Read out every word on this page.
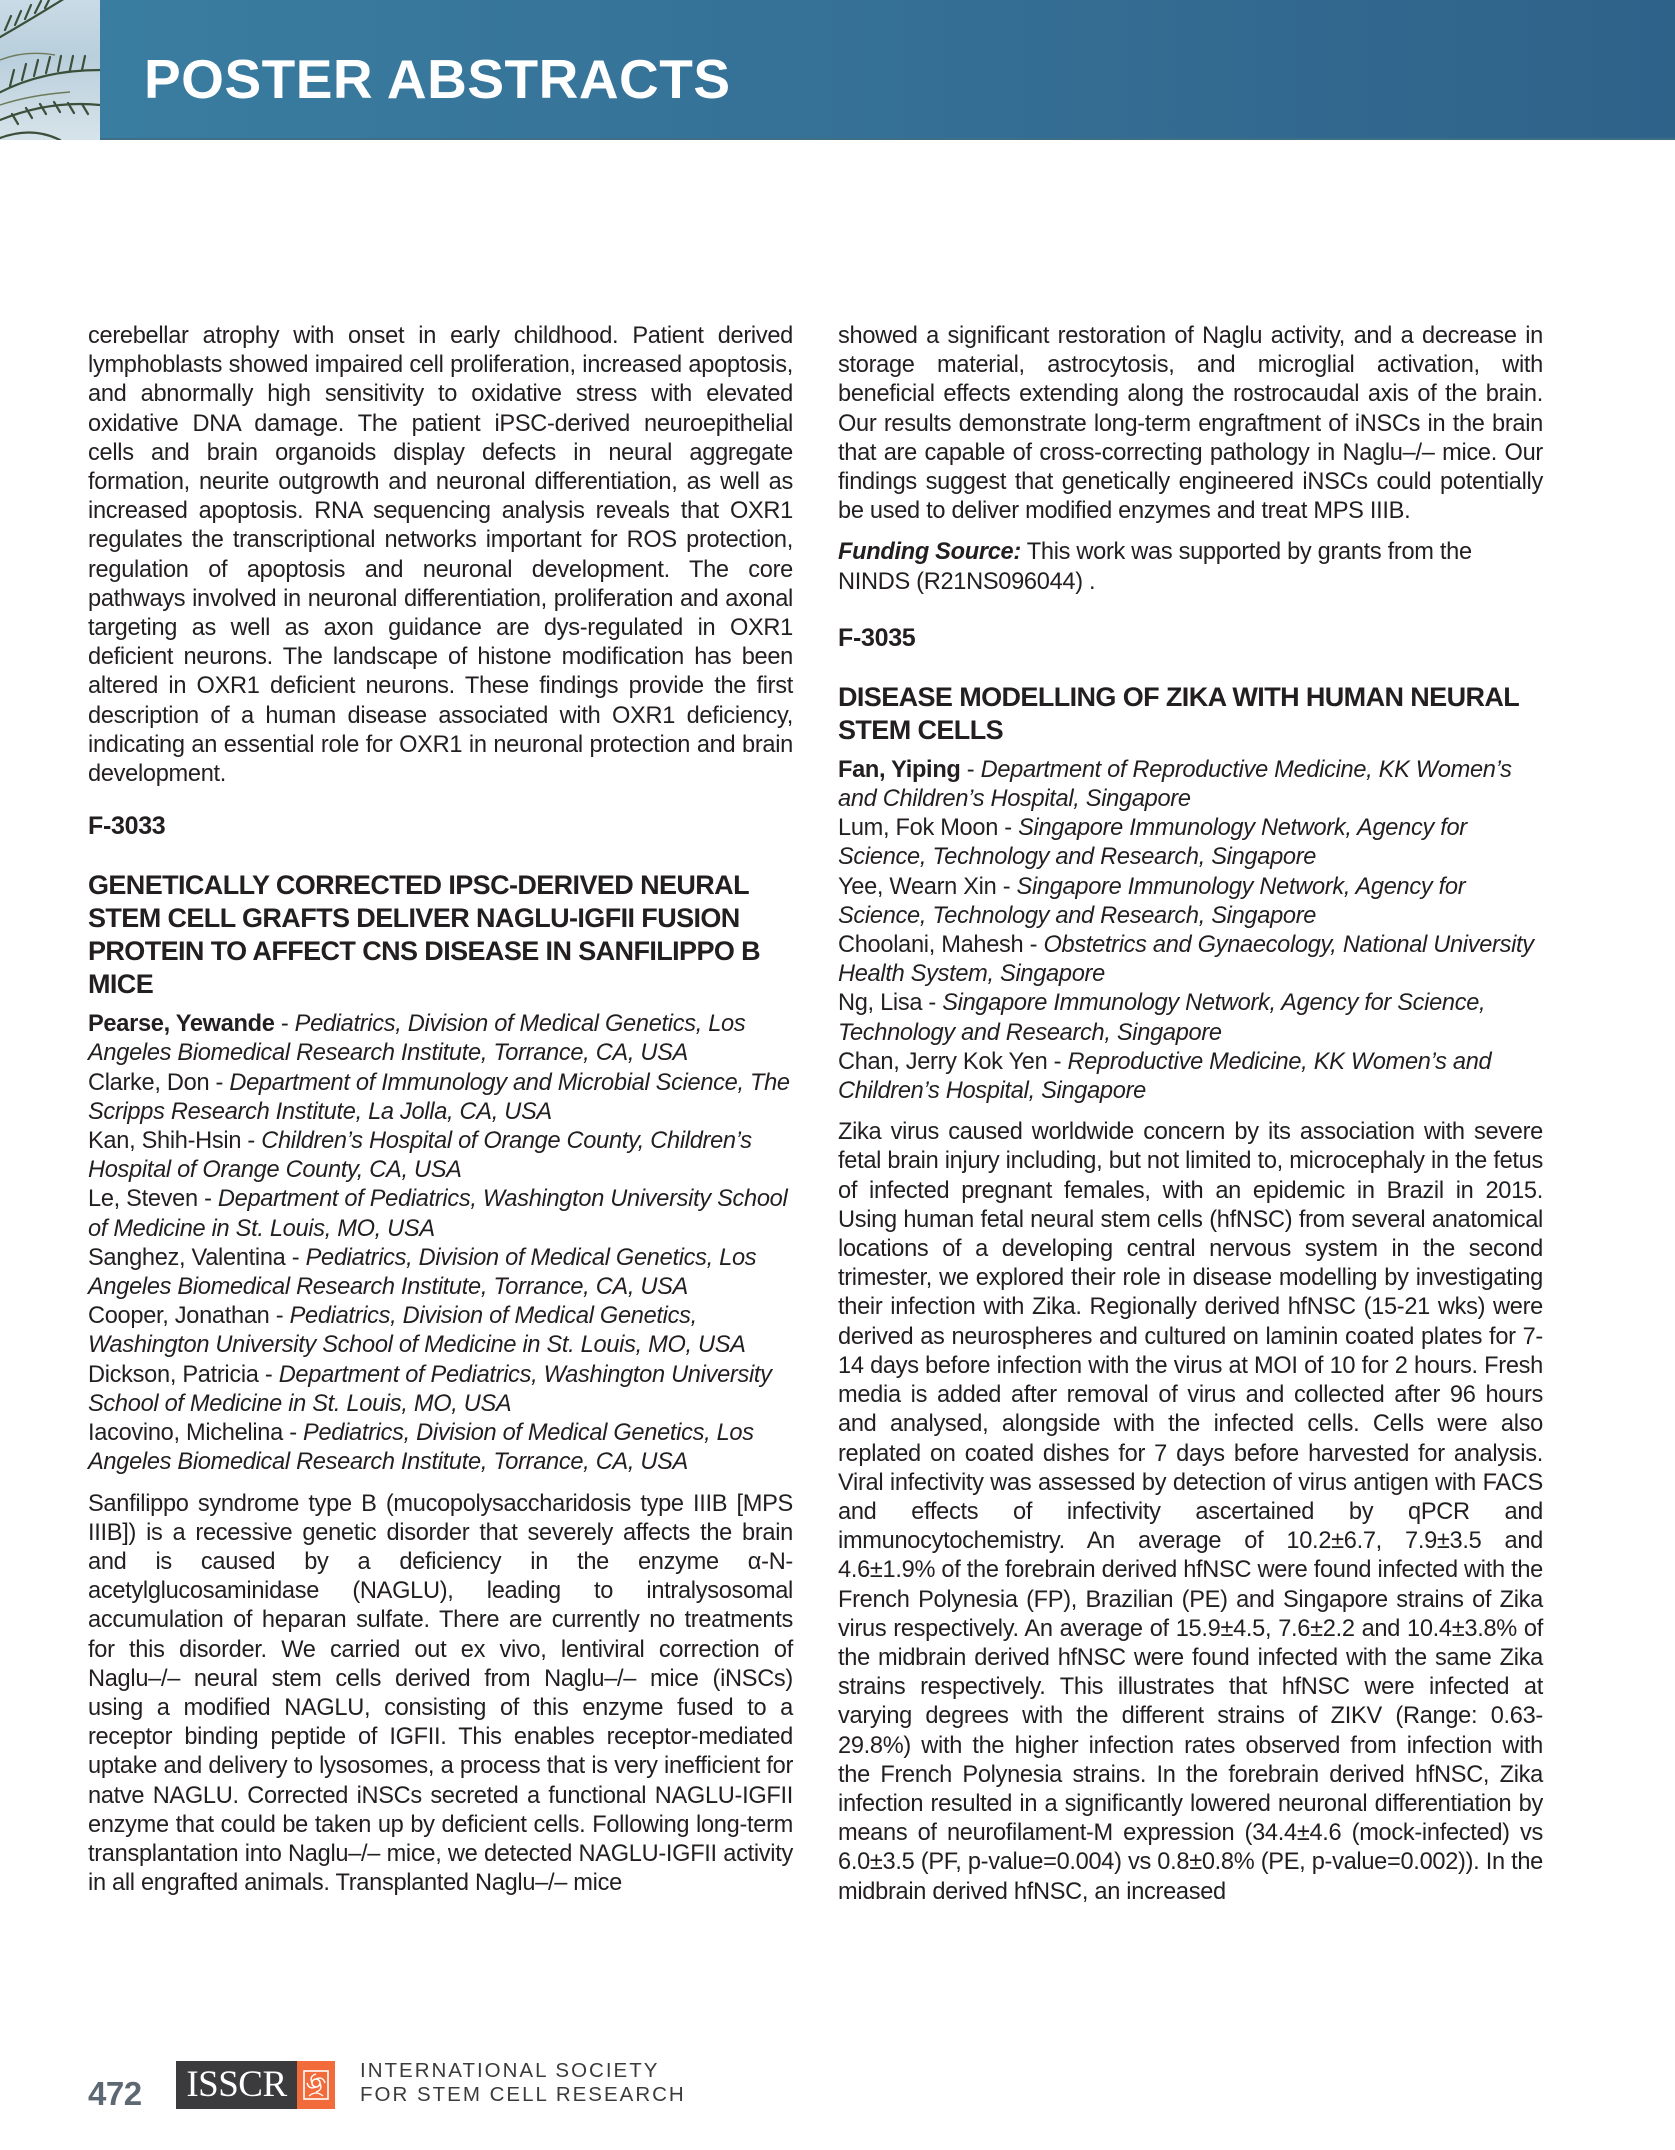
POSTER ABSTRACTS

cerebellar atrophy with onset in early childhood. Patient derived lymphoblasts showed impaired cell proliferation, increased apoptosis, and abnormally high sensitivity to oxidative stress with elevated oxidative DNA damage. The patient iPSC-derived neuroepithelial cells and brain organoids display defects in neural aggregate formation, neurite outgrowth and neuronal differentiation, as well as increased apoptosis. RNA sequencing analysis reveals that OXR1 regulates the transcriptional networks important for ROS protection, regulation of apoptosis and neuronal development. The core pathways involved in neuronal differentiation, proliferation and axonal targeting as well as axon guidance are dys-regulated in OXR1 deficient neurons. The landscape of histone modification has been altered in OXR1 deficient neurons. These findings provide the first description of a human disease associated with OXR1 deficiency, indicating an essential role for OXR1 in neuronal protection and brain development.

F-3033
GENETICALLY CORRECTED IPSC-DERIVED NEURAL STEM CELL GRAFTS DELIVER NAGLU-IGFII FUSION PROTEIN TO AFFECT CNS DISEASE IN SANFILIPPO B MICE
Pearse, Yewande - Pediatrics, Division of Medical Genetics, Los Angeles Biomedical Research Institute, Torrance, CA, USA
Clarke, Don - Department of Immunology and Microbial Science, The Scripps Research Institute, La Jolla, CA, USA
Kan, Shih-Hsin - Children’s Hospital of Orange County, Children’s Hospital of Orange County, CA, USA
Le, Steven - Department of Pediatrics, Washington University School of Medicine in St. Louis, MO, USA
Sanghez, Valentina - Pediatrics, Division of Medical Genetics, Los Angeles Biomedical Research Institute, Torrance, CA, USA
Cooper, Jonathan - Pediatrics, Division of Medical Genetics, Washington University School of Medicine in St. Louis, MO, USA
Dickson, Patricia - Department of Pediatrics, Washington University School of Medicine in St. Louis, MO, USA
Iacovino, Michelina - Pediatrics, Division of Medical Genetics, Los Angeles Biomedical Research Institute, Torrance, CA, USA

Sanfilippo syndrome type B (mucopolysaccharidosis type IIIB [MPS IIIB]) is a recessive genetic disorder that severely affects the brain and is caused by a deficiency in the enzyme α-N-acetylglucosaminidase (NAGLU), leading to intralysosomal accumulation of heparan sulfate. There are currently no treatments for this disorder. We carried out ex vivo, lentiviral correction of Naglu–/– neural stem cells derived from Naglu–/– mice (iNSCs) using a modified NAGLU, consisting of this enzyme fused to a receptor binding peptide of IGFII. This enables receptor-mediated uptake and delivery to lysosomes, a process that is very inefficient for natve NAGLU. Corrected iNSCs secreted a functional NAGLU-IGFII enzyme that could be taken up by deficient cells. Following long-term transplantation into Naglu–/– mice, we detected NAGLU-IGFII activity in all engrafted animals. Transplanted Naglu–/– mice

showed a significant restoration of Naglu activity, and a decrease in storage material, astrocytosis, and microglial activation, with beneficial effects extending along the rostrocaudal axis of the brain. Our results demonstrate long-term engraftment of iNSCs in the brain that are capable of cross-correcting pathology in Naglu–/– mice. Our findings suggest that genetically engineered iNSCs could potentially be used to deliver modified enzymes and treat MPS IIIB.

Funding Source: This work was supported by grants from the NINDS (R21NS096044) .

F-3035
DISEASE MODELLING OF ZIKA WITH HUMAN NEURAL STEM CELLS
Fan, Yiping - Department of Reproductive Medicine, KK Women’s and Children’s Hospital, Singapore
Lum, Fok Moon - Singapore Immunology Network, Agency for Science, Technology and Research, Singapore
Yee, Wearn Xin - Singapore Immunology Network, Agency for Science, Technology and Research, Singapore
Choolani, Mahesh - Obstetrics and Gynaecology, National University Health System, Singapore
Ng, Lisa - Singapore Immunology Network, Agency for Science, Technology and Research, Singapore
Chan, Jerry Kok Yen - Reproductive Medicine, KK Women’s and Children’s Hospital, Singapore

Zika virus caused worldwide concern by its association with severe fetal brain injury including, but not limited to, microcephaly in the fetus of infected pregnant females, with an epidemic in Brazil in 2015. Using human fetal neural stem cells (hfNSC) from several anatomical locations of a developing central nervous system in the second trimester, we explored their role in disease modelling by investigating their infection with Zika. Regionally derived hfNSC (15-21 wks) were derived as neurospheres and cultured on laminin coated plates for 7-14 days before infection with the virus at MOI of 10 for 2 hours. Fresh media is added after removal of virus and collected after 96 hours and analysed, alongside with the infected cells. Cells were also replated on coated dishes for 7 days before harvested for analysis. Viral infectivity was assessed by detection of virus antigen with FACS and effects of infectivity ascertained by qPCR and immunocytochemistry. An average of 10.2±6.7, 7.9±3.5 and 4.6±1.9% of the forebrain derived hfNSC were found infected with the French Polynesia (FP), Brazilian (PE) and Singapore strains of Zika virus respectively. An average of 15.9±4.5, 7.6±2.2 and 10.4±3.8% of the midbrain derived hfNSC were found infected with the same Zika strains respectively. This illustrates that hfNSC were infected at varying degrees with the different strains of ZIKV (Range: 0.63-29.8%) with the higher infection rates observed from infection with the French Polynesia strains. In the forebrain derived hfNSC, Zika infection resulted in a significantly lowered neuronal differentiation by means of neurofilament-M expression (34.4±4.6 (mock-infected) vs 6.0±3.5 (PF, p-value=0.004) vs 0.8±0.8% (PE, p-value=0.002)). In the midbrain derived hfNSC, an increased

472 ISSCR	INTERNATIONAL SOCIETY
FOR STEM CELL RESEARCH
